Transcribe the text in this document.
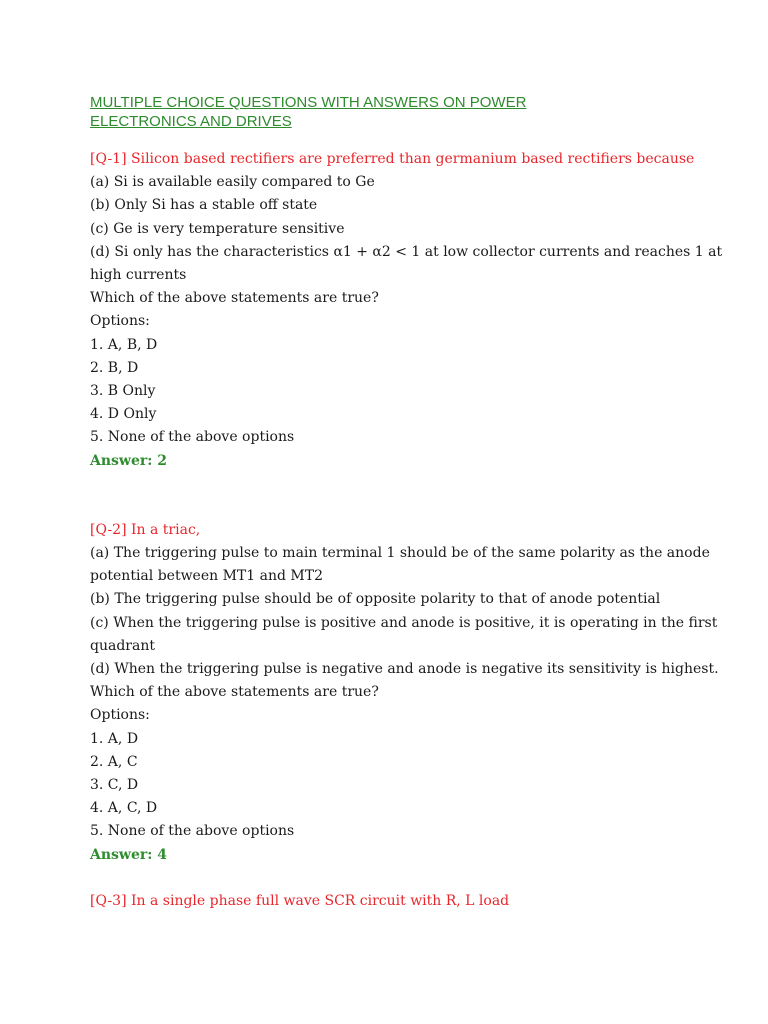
MULTIPLE CHOICE QUESTIONS WITH ANSWERS ON POWER

ELECTRONICS AND DRIVES

[Q-1] Silicon based rectifiers are preferred than germanium based rectifiers because

(a) Si is available easily compared to Ge

(b) Only Si has a stable off state

(c) Ge is very temperature sensitive

(d) Si only has the characteristics α1 + α2 < 1 at low collector currents and reaches 1 at

high currents

Which of the above statements are true?

Options:

1. A, B, D

2. B, D

3. B Only

4. D Only

5. None of the above options

Answer: 2

[Q-2] In a triac,

(a) The triggering pulse to main terminal 1 should be of the same polarity as the anode

potential between MT1 and MT2

(b) The triggering pulse should be of opposite polarity to that of anode potential

(c) When the triggering pulse is positive and anode is positive, it is operating in the first

quadrant

(d) When the triggering pulse is negative and anode is negative its sensitivity is highest.

Which of the above statements are true?

Options:

1. A, D

2. A, C

3. C, D

4. A, C, D

5. None of the above options

Answer: 4

[Q-3] In a single phase full wave SCR circuit with R, L load
